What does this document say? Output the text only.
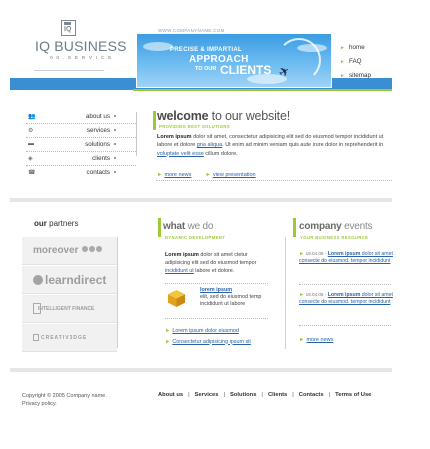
IQ
IQ BUSINESS
0 0 . S E R V I C E
WWW.COMPANYNAME.COM
PRECISE & IMPARTIAL
APPROACH
TO OUR CLIENTS ✈
► home
► FAQ
► sitemap
👥	about us
⚙	services
▬	solutions
◈	clients
☎	contacts
welcome to our website!
PROVIDING BEST SOLUTIONS
Lorem ipsum dolor sit amet, consectetur adipisicing elit sed do eiusmod tempor incididunt ut labore et dolore gna aliqua. Ut enim ad minim veniam quis aute irure dolor in reprehenderit in voluptate velit esse cillum dolore.
► more news	► view presentation
our partners
moreover
learndirect
INTELLIGENT FINANCE
CREATIV3DGE
what we do
DYNAMIC DEVELOPMENT
Lorem ipsum dolor sit amet ctetur adipisicing elit sed do eiusmod tempor incididunt ut labore et dolore.
lorem ipsum
elit, sed do eiusmod temp incididunt ut labore
► Lorem ipsum dolor eiusmod
► Consectetur adipisicing ipsum sit
company events
YOUR BUSINESS RESOURCE
► 19.04.05 - Lorem ipsum dolor sit amet consecte do eiusmod. tempor incididunt
► 19.04.05 - Lorem ipsum dolor sit amet consecte do eiusmod. tempor incididunt
► more news
Copyright © 2005 Company name.
Privacy policy.
About us | Services | Solutions | Clients | Contacts | Terms of Use
